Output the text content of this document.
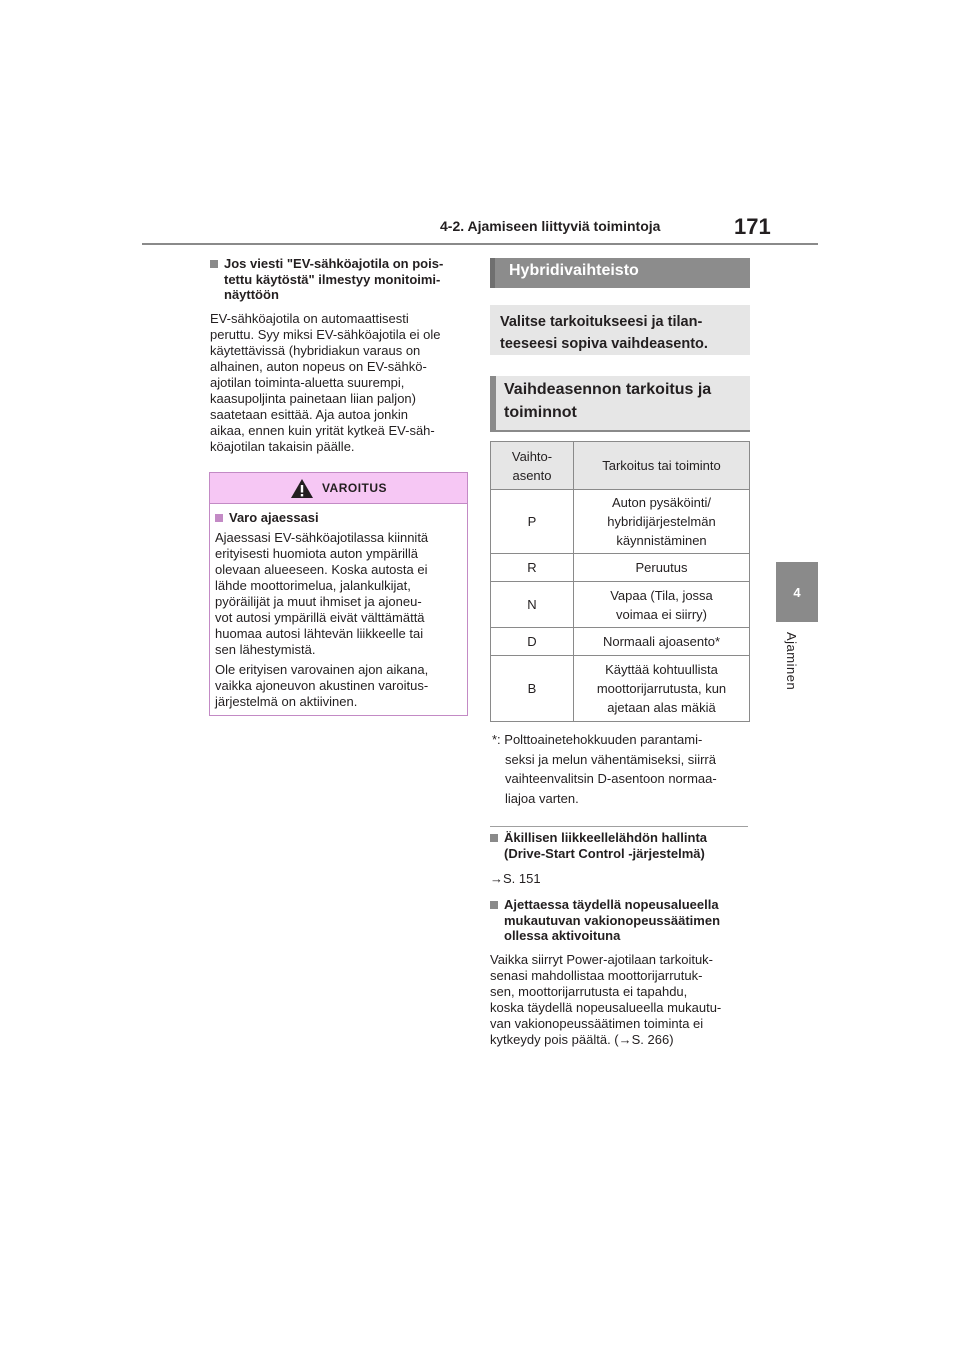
4-2. Ajamiseen liittyviä toimintoja	171
4
Ajaminen
Jos viesti "EV-sähköajotila on pois-tettu käytöstä" ilmestyy monitoimi-näyttöön
EV-sähköajotila on automaattisesti
peruttu. Syy miksi EV-sähköajotila ei ole
käytettävissä (hybridiakun varaus on
alhainen, auton nopeus on EV-sähkö-
ajotilan toiminta-aluetta suurempi,
kaasupoljinta painetaan liian paljon)
saatetaan esittää. Aja autoa jonkin
aikaa, ennen kuin yrität kytkeä EV-säh-
köajotilan takaisin päälle.
VAROITUS
Varo ajaessasi
Ajaessasi EV-sähköajotilassa kiinnitä
erityisesti huomiota auton ympärillä
olevaan alueeseen. Koska autosta ei
lähde moottorimelua, jalankulkijat,
pyöräilijät ja muut ihmiset ja ajoneu-
vot autosi ympärillä eivät välttämättä
huomaa autosi lähtevän liikkeelle tai
sen lähestymistä.
Ole erityisen varovainen ajon aikana,
vaikka ajoneuvon akustinen varoitus-
järjestelmä on aktiivinen.
Hybridivaihteisto
Valitse tarkoitukseesi ja tilan-
teeseesi sopiva vaihdeasento.
Vaihdeasennon tarkoitus ja
toiminnot
Vaihto-
asento	Tarkoitus tai toiminto
P	Auton pysäköinti/
hybridijärjestelmän
käynnistäminen

R	Peruutus
N	Vapaa (Tila, jossa
voimaa ei siirry)

D	Normaali ajoasento*
B	Käyttää kohtuullista
moottorijarrutusta, kun
ajetaan alas mäkiä
*: Polttoainetehokkuuden parantami-
seksi ja melun vähentämiseksi, siirrä
vaihteenvalitsin D-asentoon normaa-
liajoa varten.
Äkillisen liikkeellelähdön hallinta (Drive-Start Control -järjestelmä)
→S. 151
Ajettaessa täydellä nopeusalueella mukautuvan vakionopeussäätimen ollessa aktivoituna
Vaikka siirryt Power-ajotilaan tarkoituk-
senasi mahdollistaa moottorijarrutuk-
sen, moottorijarrutusta ei tapahdu,
koska täydellä nopeusalueella mukautu-
van vakionopeussäätimen toiminta ei
kytkeydy pois päältä. (→S. 266)
